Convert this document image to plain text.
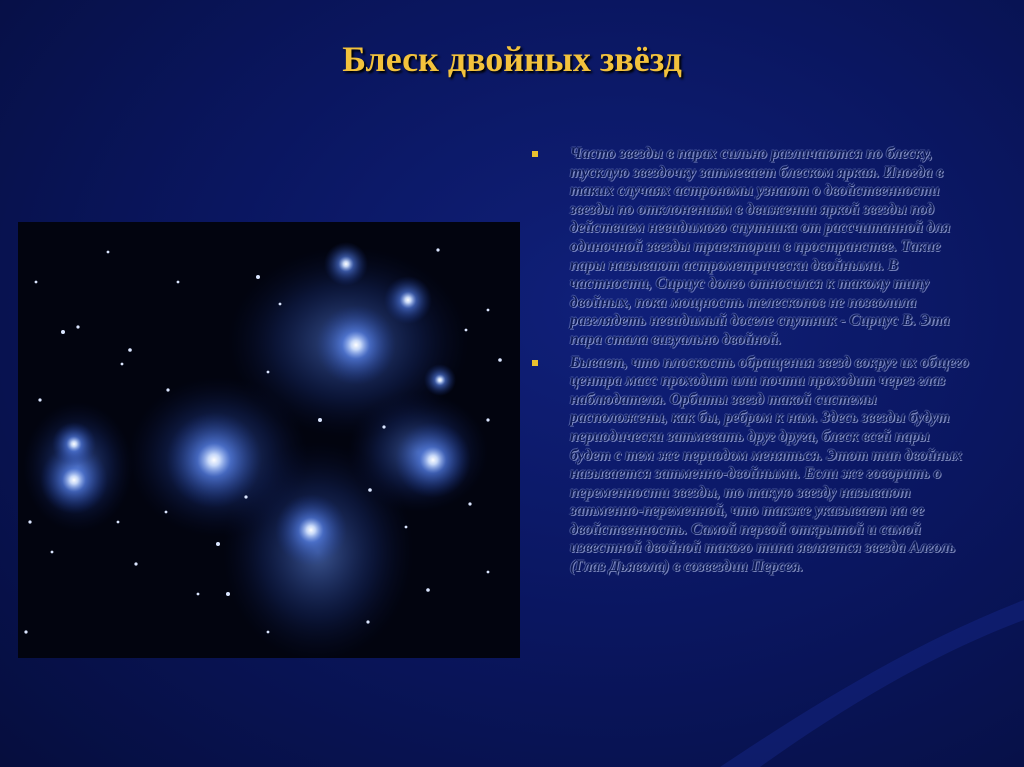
Блеск двойных звёзд
Часто звезды в парах сильно различаются по блеску, тусклую звездочку затмевает блеском яркая. Иногда в таких случаях астрономы узнают о двойственности звезды по отклонениям в движении яркой звезды под действием невидимого спутника от рассчитанной для одиночной звезды траектории в пространстве. Такие пары называют астрометрически двойными. В частности, Сириус долго относился к такому типу двойных, пока мощность телескопов не позволила разглядеть невидимый доселе спутник - Сириус В. Эта пара стала визуально двойной.
Бывает, что плоскость обращения звезд вокруг их общего центра масс проходит или почти проходит через глаз наблюдателя. Орбиты звезд такой системы расположены, как бы, ребром к нам. Здесь звезды будут периодически затмевать друг друга, блеск всей пары будет с тем же периодом меняться. Этот тип двойных называется затменно-двойными. Если же говорить о переменности звезды, то такую звезду называют затменно-переменной, что также указывает на ее двойственность. Самой первой открытой и самой известной двойной такого типа является звезда Алголь (Глаз Дьявола) в созвездии Персея.
